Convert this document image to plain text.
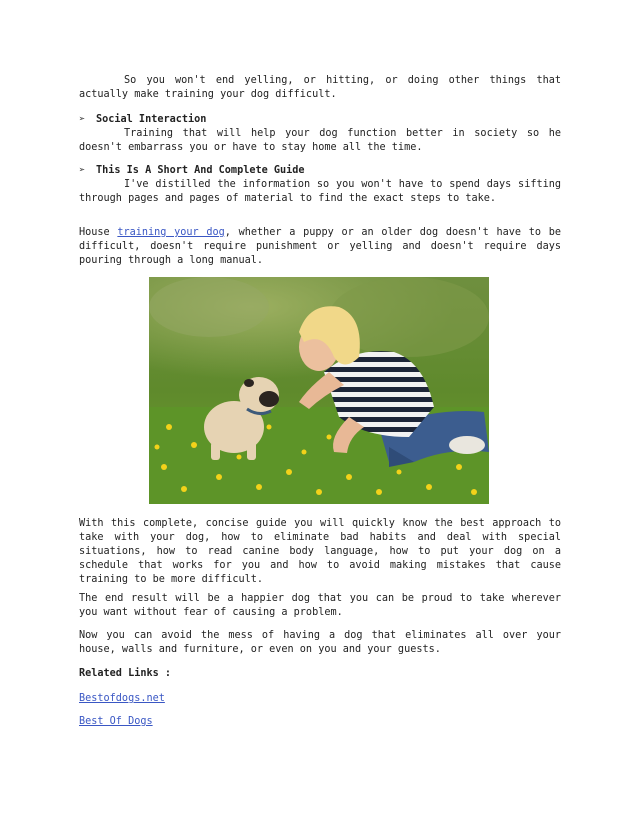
So you won't end yelling, or hitting, or doing other things that actually make training your dog difficult.

➢	Social Interaction

Training that will help your dog function better in society so he doesn't embarrass you or have to stay home all the time.

➢	This Is A Short And Complete Guide

I've distilled the information so you won't have to spend days sifting through pages and pages of material to find the exact steps to take.

House training your dog, whether a puppy or an older dog doesn't have to be difficult, doesn't require punishment or yelling and doesn't require days pouring through a long manual.

With this complete, concise guide you will quickly know the best approach to take with your dog, how to eliminate bad habits and deal with special situations, how to read canine body language, how to put your dog on a schedule that works for you and how to avoid making mistakes that cause training to be more difficult.

The end result will be a happier dog that you can be proud to take wherever you want without fear of causing a problem.

Now you can avoid the mess of having a dog that eliminates all over your house, walls and furniture, or even on you and your guests.

Related Links :

Bestofdogs.net

Best Of Dogs
